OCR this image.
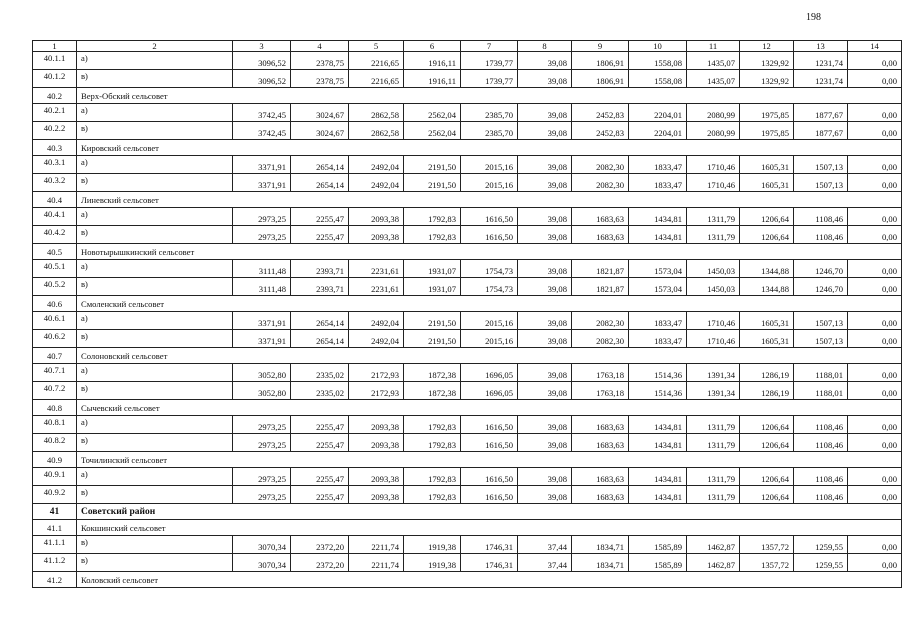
198
1	2	3	4	5	6	7	8	9	10	11	12	13	14
40.1.1	а)	3096,52	2378,75	2216,65	1916,11	1739,77	39,08	1806,91	1558,08	1435,07	1329,92	1231,74	0,00
40.1.2	в)	3096,52	2378,75	2216,65	1916,11	1739,77	39,08	1806,91	1558,08	1435,07	1329,92	1231,74	0,00
40.2	Верх-Обский сельсовет												
40.2.1	а)	3742,45	3024,67	2862,58	2562,04	2385,70	39,08	2452,83	2204,01	2080,99	1975,85	1877,67	0,00
40.2.2	в)	3742,45	3024,67	2862,58	2562,04	2385,70	39,08	2452,83	2204,01	2080,99	1975,85	1877,67	0,00
40.3	Кировский сельсовет												
40.3.1	а)	3371,91	2654,14	2492,04	2191,50	2015,16	39,08	2082,30	1833,47	1710,46	1605,31	1507,13	0,00
40.3.2	в)	3371,91	2654,14	2492,04	2191,50	2015,16	39,08	2082,30	1833,47	1710,46	1605,31	1507,13	0,00
40.4	Линевский сельсовет												
40.4.1	а)	2973,25	2255,47	2093,38	1792,83	1616,50	39,08	1683,63	1434,81	1311,79	1206,64	1108,46	0,00
40.4.2	в)	2973,25	2255,47	2093,38	1792,83	1616,50	39,08	1683,63	1434,81	1311,79	1206,64	1108,46	0,00
40.5	Новотырышкинский сельсовет												
40.5.1	а)	3111,48	2393,71	2231,61	1931,07	1754,73	39,08	1821,87	1573,04	1450,03	1344,88	1246,70	0,00
40.5.2	в)	3111,48	2393,71	2231,61	1931,07	1754,73	39,08	1821,87	1573,04	1450,03	1344,88	1246,70	0,00
40.6	Смоленский сельсовет												
40.6.1	а)	3371,91	2654,14	2492,04	2191,50	2015,16	39,08	2082,30	1833,47	1710,46	1605,31	1507,13	0,00
40.6.2	в)	3371,91	2654,14	2492,04	2191,50	2015,16	39,08	2082,30	1833,47	1710,46	1605,31	1507,13	0,00
40.7	Солоновский сельсовет												
40.7.1	а)	3052,80	2335,02	2172,93	1872,38	1696,05	39,08	1763,18	1514,36	1391,34	1286,19	1188,01	0,00
40.7.2	в)	3052,80	2335,02	2172,93	1872,38	1696,05	39,08	1763,18	1514,36	1391,34	1286,19	1188,01	0,00
40.8	Сычевский сельсовет												
40.8.1	а)	2973,25	2255,47	2093,38	1792,83	1616,50	39,08	1683,63	1434,81	1311,79	1206,64	1108,46	0,00
40.8.2	в)	2973,25	2255,47	2093,38	1792,83	1616,50	39,08	1683,63	1434,81	1311,79	1206,64	1108,46	0,00
40.9	Точилинский сельсовет												
40.9.1	а)	2973,25	2255,47	2093,38	1792,83	1616,50	39,08	1683,63	1434,81	1311,79	1206,64	1108,46	0,00
40.9.2	в)	2973,25	2255,47	2093,38	1792,83	1616,50	39,08	1683,63	1434,81	1311,79	1206,64	1108,46	0,00
41	Советский район												
41.1	Кокшинский сельсовет												
41.1.1	в)	3070,34	2372,20	2211,74	1919,38	1746,31	37,44	1834,71	1585,89	1462,87	1357,72	1259,55	0,00
41.1.2	в)	3070,34	2372,20	2211,74	1919,38	1746,31	37,44	1834,71	1585,89	1462,87	1357,72	1259,55	0,00
41.2	Коловский сельсовет												
